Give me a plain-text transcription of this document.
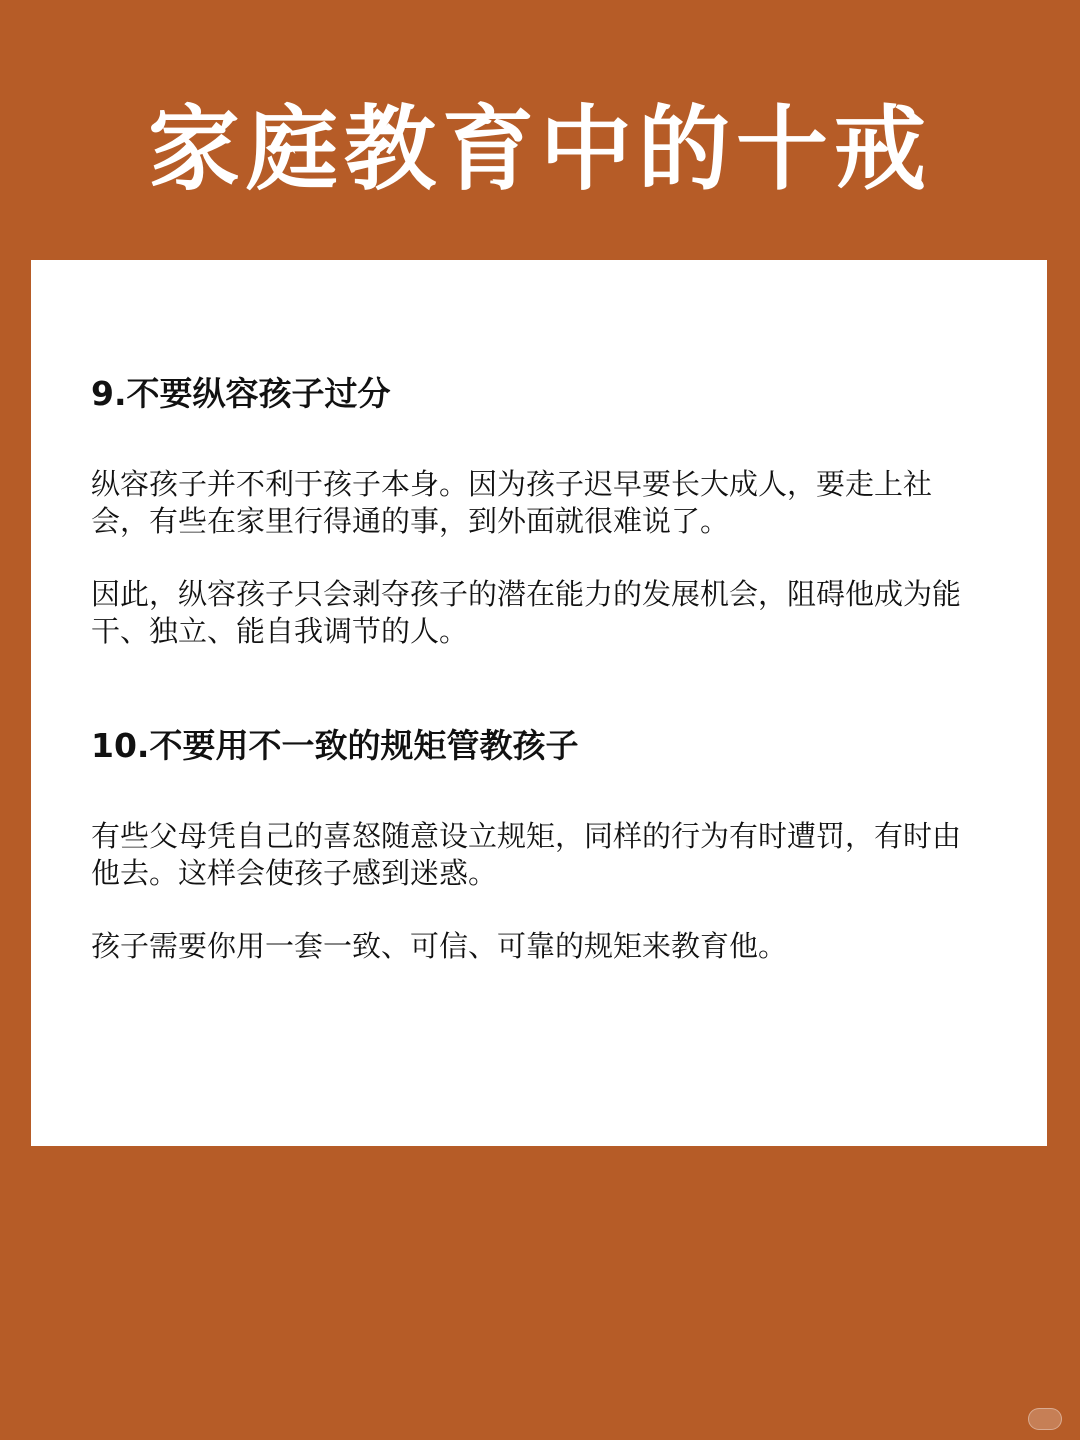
家庭教育中的十戒
9.不要纵容孩子过分

纵容孩子并不利于孩子本身。因为孩子迟早要长大成人，要走上社会，有些在家里行得通的事，到外面就很难说了。

因此，纵容孩子只会剥夺孩子的潜在能力的发展机会，阻碍他成为能干、独立、能自我调节的人。

10.不要用不一致的规矩管教孩子

有些父母凭自己的喜怒随意设立规矩，同样的行为有时遭罚，有时由他去。这样会使孩子感到迷惑。

孩子需要你用一套一致、可信、可靠的规矩来教育他。
